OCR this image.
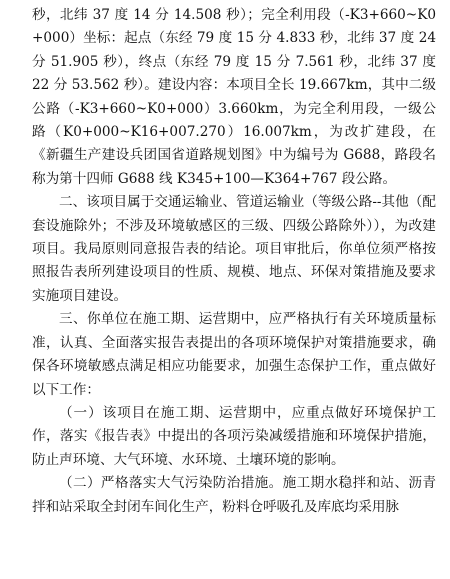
秒，北纬 37 度 14 分 14.508 秒）；完全利用段（-K3+660~K0+000）坐标：起点（东经 79 度 15 分 4.833 秒，北纬 37 度 24 分 51.905 秒），终点（东经 79 度 15 分 7.561 秒，北纬 37 度 22 分 53.562 秒）。建设内容：本项目全长 19.667km，其中二级公路（-K3+660~K0+000）3.660km，为完全利用段，一级公路（K0+000~K16+007.270）16.007km，为改扩建段，在《新疆生产建设兵团国省道路规划图》中为编号为 G688，路段名称为第十四师 G688 线 K345+100—K364+767 段公路。

二、该项目属于交通运输业、管道运输业（等级公路--其他（配套设施除外；不涉及环境敏感区的三级、四级公路除外）），为改建项目。我局原则同意报告表的结论。项目审批后，你单位须严格按照报告表所列建设项目的性质、规模、地点、环保对策措施及要求实施项目建设。

三、你单位在施工期、运营期中，应严格执行有关环境质量标准，认真、全面落实报告表提出的各项环境保护对策措施要求，确保各环境敏感点满足相应功能要求，加强生态保护工作，重点做好以下工作：

（一）该项目在施工期、运营期中，应重点做好环境保护工作，落实《报告表》中提出的各项污染减缓措施和环境保护措施，防止声环境、大气环境、水环境、土壤环境的影响。

（二）严格落实大气污染防治措施。施工期水稳拌和站、沥青拌和站采取全封闭车间化生产，粉料仓呼吸孔及库底均采用脉
